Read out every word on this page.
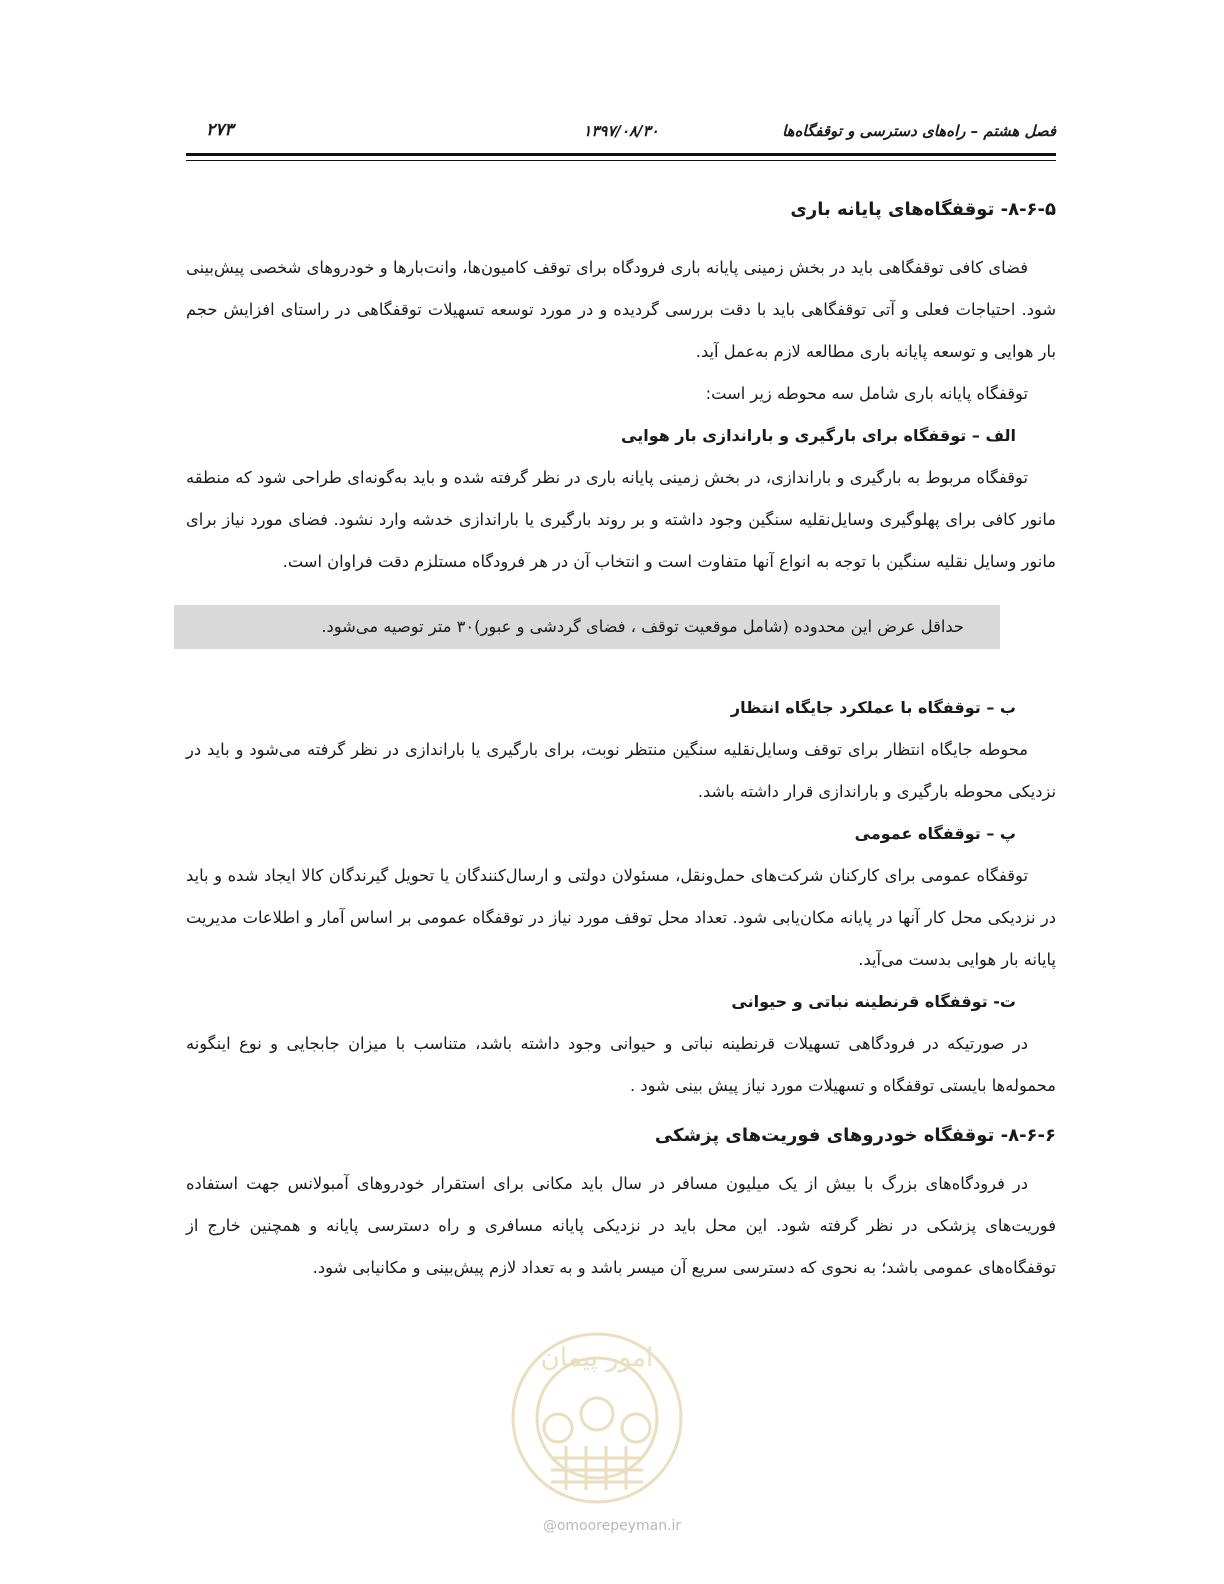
فصل هشتم – راه‌های دسترسی و توقفگاه‌ها
۱۳۹۷/۰۸/۳۰
۲۷۳
۸-۶-۵- توقفگاه‌های پایانه باری

فضای کافی توقفگاهی باید در بخش زمینی پایانه باری فرودگاه برای توقف کامیون‌ها، وانت‌بارها و خودروهای شخصی پیش‌بینی شود. احتیاجات فعلی و آتی توقفگاهی باید با دقت بررسی گردیده و در مورد توسعه تسهیلات توقفگاهی در راستای افزایش حجم بار هوایی و توسعه پایانه باری مطالعه لازم به‌عمل آید.

توقفگاه پایانه باری شامل سه محوطه زیر است:

الف – توقفگاه برای بارگیری و باراندازی بار هوایی

توقفگاه مربوط به بارگیری و باراندازی، در بخش زمینی پایانه باری در نظر گرفته شده و باید به‌گونه‌ای طراحی شود که منطقه مانور کافی برای پهلوگیری وسایل‌نقلیه سنگین وجود داشته و بر روند بارگیری یا باراندازی خدشه وارد نشود. فضای مورد نیاز برای مانور وسایل نقلیه سنگین با توجه به انواع آنها متفاوت است و انتخاب آن در هر فرودگاه مستلزم دقت فراوان است.

حداقل عرض این محدوده (شامل موقعیت توقف ، فضای گردشی و عبور)۳۰ متر توصیه می‌شود.
ب – توقفگاه با عملکرد جایگاه انتظار

محوطه جایگاه انتظار برای توقف وسایل‌نقلیه سنگین منتظر نوبت، برای بارگیری یا باراندازی در نظر گرفته می‌شود و باید در نزدیکی محوطه بارگیری و باراندازی قرار داشته باشد.

پ – توقفگاه عمومی

توقفگاه عمومی برای کارکنان شرکت‌های حمل‌ونقل، مسئولان دولتی و ارسال‌کنندگان یا تحویل گیرندگان کالا ایجاد شده و باید در نزدیکی محل کار آنها در پایانه مکان‌یابی شود. تعداد محل توقف مورد نیاز در توقفگاه عمومی بر اساس آمار و اطلاعات مدیریت پایانه بار هوایی بدست می‌آید.

ت- توقفگاه قرنطینه نباتی و حیوانی

در صورتیکه در فرودگاهی تسهیلات قرنطینه نباتی و حیوانی وجود داشته باشد، متناسب با میزان جابجایی و نوع اینگونه محموله‌ها بایستی توقفگاه و تسهیلات مورد نیاز پیش بینی شود .

۸-۶-۶- توقفگاه خودروهای فوریت‌های پزشکی

در فرودگاه‌های بزرگ با بیش از یک میلیون مسافر در سال باید مکانی برای استقرار خودروهای آمبولانس جهت استفاده فوریت‌های پزشکی در نظر گرفته شود. این محل باید در نزدیکی پایانه مسافری و راه دسترسی پایانه و همچنین خارج از توقفگاه‌های عمومی باشد؛ به نحوی که دسترسی سریع آن میسر باشد و به تعداد لازم پیش‌بینی و مکانیابی شود.

امور پیمان
@omoorepeyman.ir
